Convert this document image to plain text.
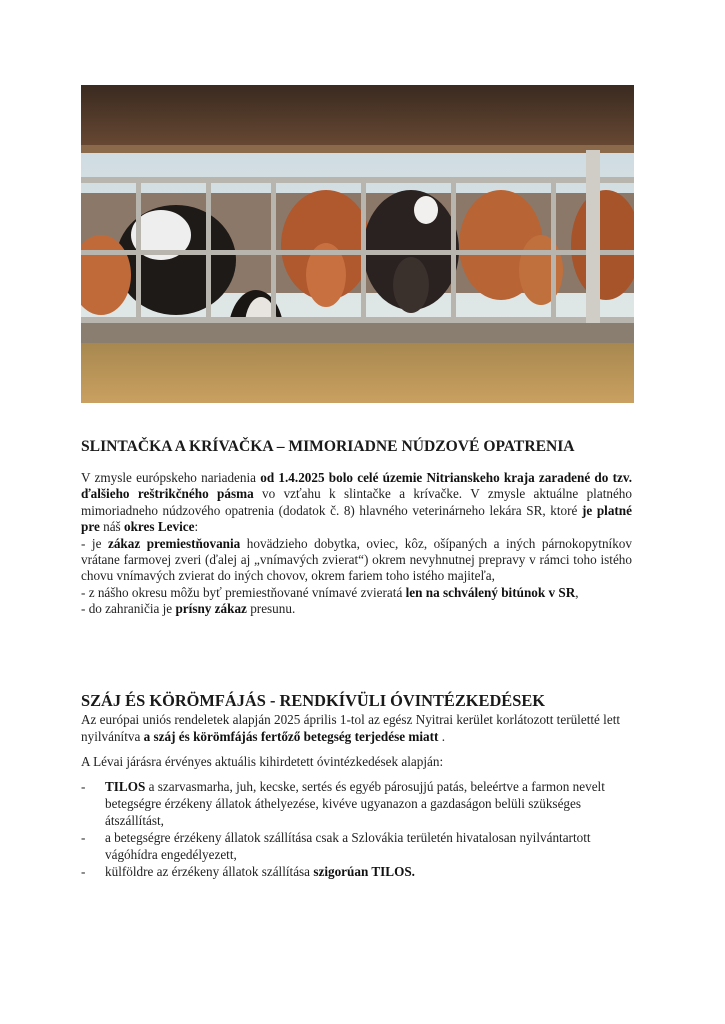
SLINTAČKA A KRÍVAČKA – MIMORIADNE NÚDZOVÉ OPATRENIA

V zmysle európskeho nariadenia od 1.4.2025 bolo celé územie Nitrianskeho kraja zaradené do tzv. ďalšieho reštrikčného pásma vo vzťahu k slintačke a krívačke. V zmysle aktuálne platného mimoriadneho núdzového opatrenia (dodatok č. 8) hlavného veterinárneho lekára SR, ktoré je platné pre náš okres Levice:

- je zákaz premiestňovania hovädzieho dobytka, oviec, kôz, ošípaných a iných párnokopytníkov vrátane farmovej zveri (ďalej aj „vnímavých zvierat“) okrem nevyhnutnej prepravy v rámci toho istého chovu vnímavých zvierat do iných chovov, okrem fariem toho istého majiteľa,

- z nášho okresu môžu byť premiestňované vnímavé zvieratá len na schválený bitúnok v SR,

- do zahraničia je prísny zákaz presunu.

SZÁJ ÉS KÖRÖMFÁJÁS - RENDKÍVÜLI ÓVINTÉZKEDÉSEK

Az európai uniós rendeletek alapján 2025 április 1-tol az egész Nyitrai kerület korlátozott területté lett nyilvánítva a száj és körömfájás fertőző betegség terjedése miatt .

A Lévai járásra érvényes aktuális kihirdetett óvintézkedések alapján:

-	TILOS a szarvasmarha, juh, kecske, sertés és egyéb párosujjú patás, beleértve a farmon nevelt betegségre érzékeny állatok áthelyezése, kivéve ugyanazon a gazdaságon belüli szükséges átszállítást,
-	a betegségre érzékeny állatok szállítása csak a Szlovákia területén hivatalosan nyilvántartott vágóhídra engedélyezett,
-	külföldre az érzékeny állatok szállítása szigorúan TILOS.
